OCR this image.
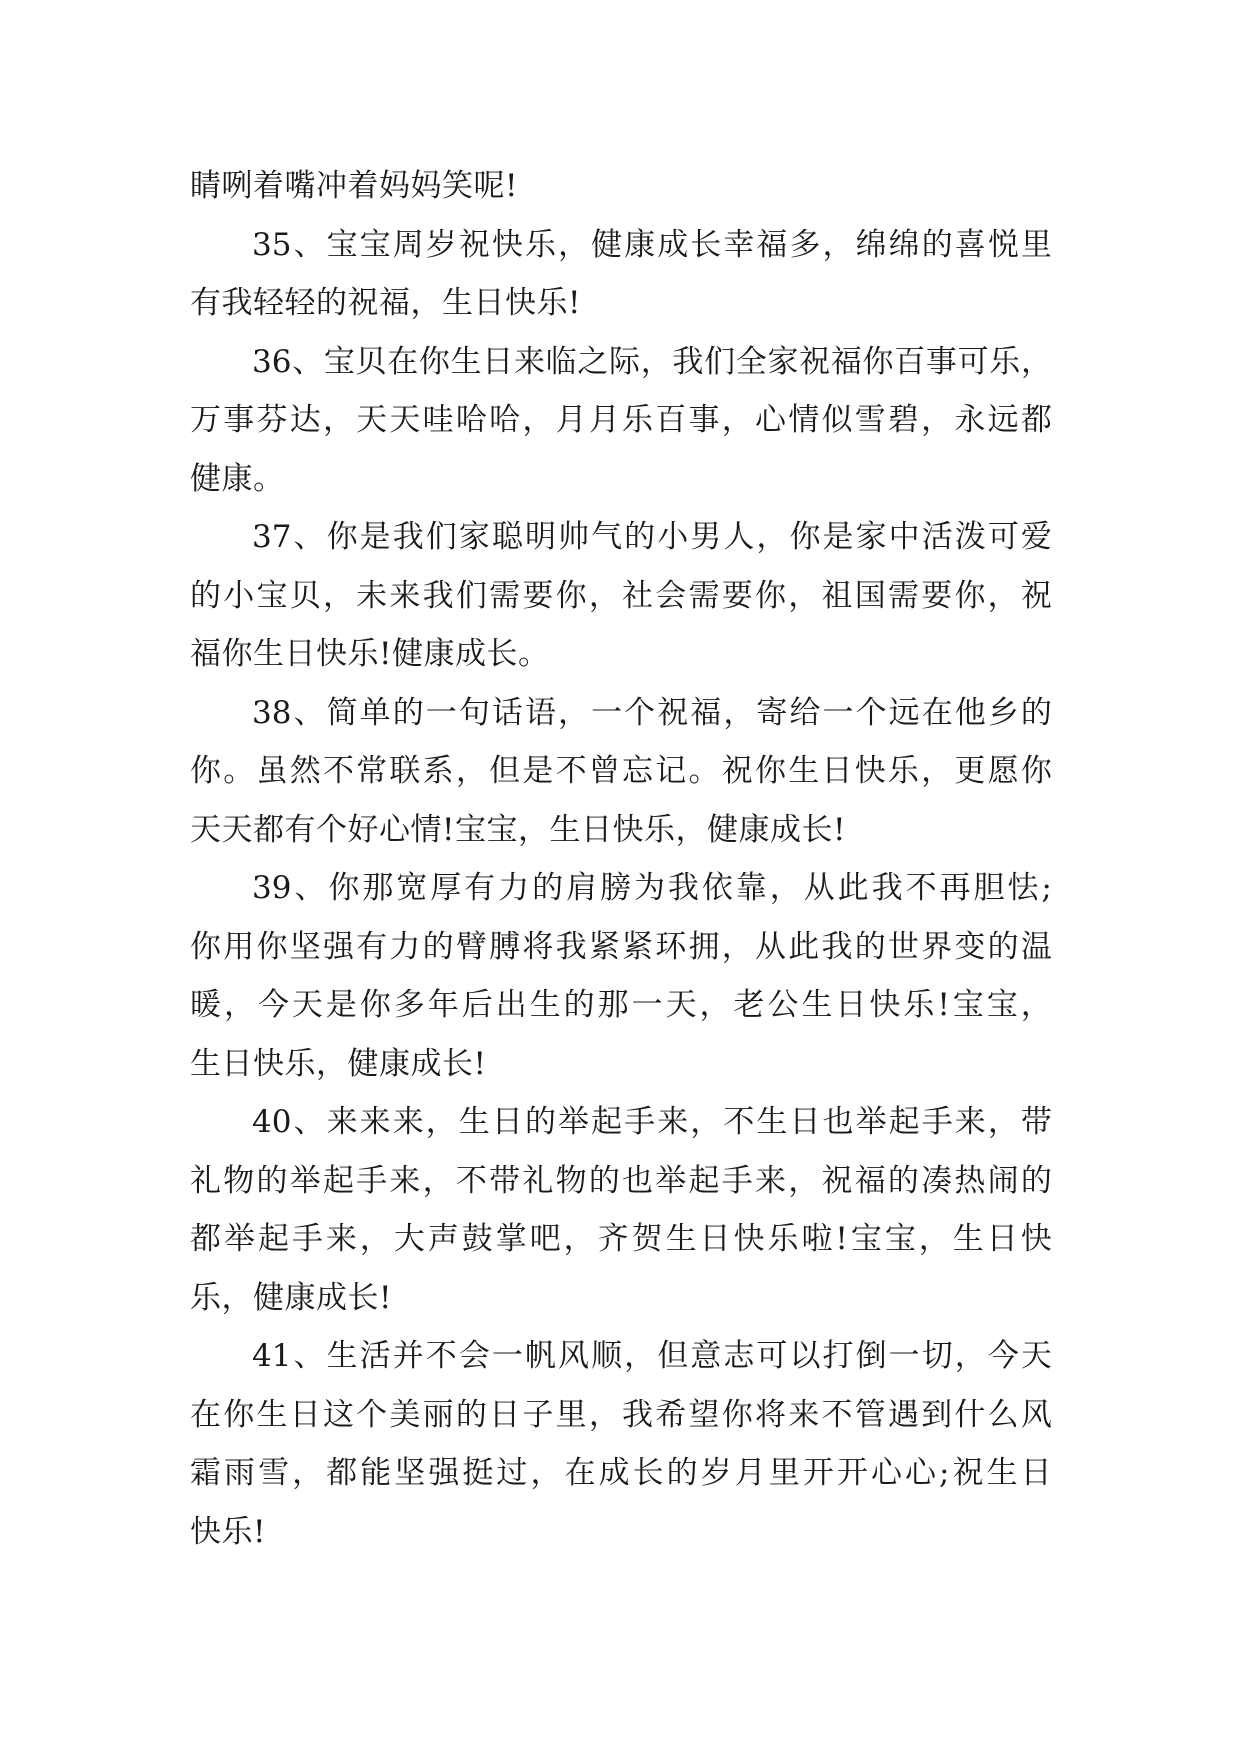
睛咧着嘴冲着妈妈笑呢!
35 、 宝 宝 周 岁 祝 快 乐 ， 健 康 成 长 幸 福 多 ， 绵 绵 的 喜 悦 里
有我轻轻的祝福，生日快乐!
36 、 宝 贝 在 你 生 日 来 临 之 际 ， 我 们 全 家 祝 福 你 百 事 可 乐 ，
万 事 芬 达 ， 天 天 哇 哈 哈 ， 月 月 乐 百 事 ， 心 情 似 雪 碧 ， 永 远 都
健康。
37 、 你 是 我 们 家 聪 明 帅 气 的 小 男 人 ， 你 是 家 中 活 泼 可 爱
的 小 宝 贝 ， 未 来 我 们 需 要 你 ， 社 会 需 要 你 ， 祖 国 需 要 你 ， 祝
福你生日快乐!健康成长。
38 、 简 单 的 一 句 话 语 ， 一 个 祝 福 ， 寄 给 一 个 远 在 他 乡 的
你 。 虽 然 不 常 联 系 ， 但 是 不 曾 忘 记 。 祝 你 生 日 快 乐 ， 更 愿 你
天天都有个好心情!宝宝，生日快乐，健康成长!
39 、 你 那 宽 厚 有 力 的 肩 膀 为 我 依 靠 ， 从 此 我 不 再 胆 怯 ;
你 用 你 坚 强 有 力 的 臂 膊 将 我 紧 紧 环 拥 ， 从 此 我 的 世 界 变 的 温
暖 ， 今 天 是 你 多 年 后 出 生 的 那 一 天 ， 老 公 生 日 快 乐 ! 宝 宝 ，
生日快乐，健康成长!
40 、 来 来 来 ， 生 日 的 举 起 手 来 ， 不 生 日 也 举 起 手 来 ， 带
礼 物 的 举 起 手 来 ， 不 带 礼 物 的 也 举 起 手 来 ， 祝 福 的 凑 热 闹 的
都 举 起 手 来 ， 大 声 鼓 掌 吧 ， 齐 贺 生 日 快 乐 啦 ! 宝 宝 ， 生 日 快
乐，健康成长!
41 、 生 活 并 不 会 一 帆 风 顺 ， 但 意 志 可 以 打 倒 一 切 ， 今 天
在 你 生 日 这 个 美 丽 的 日 子 里 ， 我 希 望 你 将 来 不 管 遇 到 什 么 风
霜 雨 雪 ， 都 能 坚 强 挺 过 ， 在 成 长 的 岁 月 里 开 开 心 心 ; 祝 生 日
快乐!
